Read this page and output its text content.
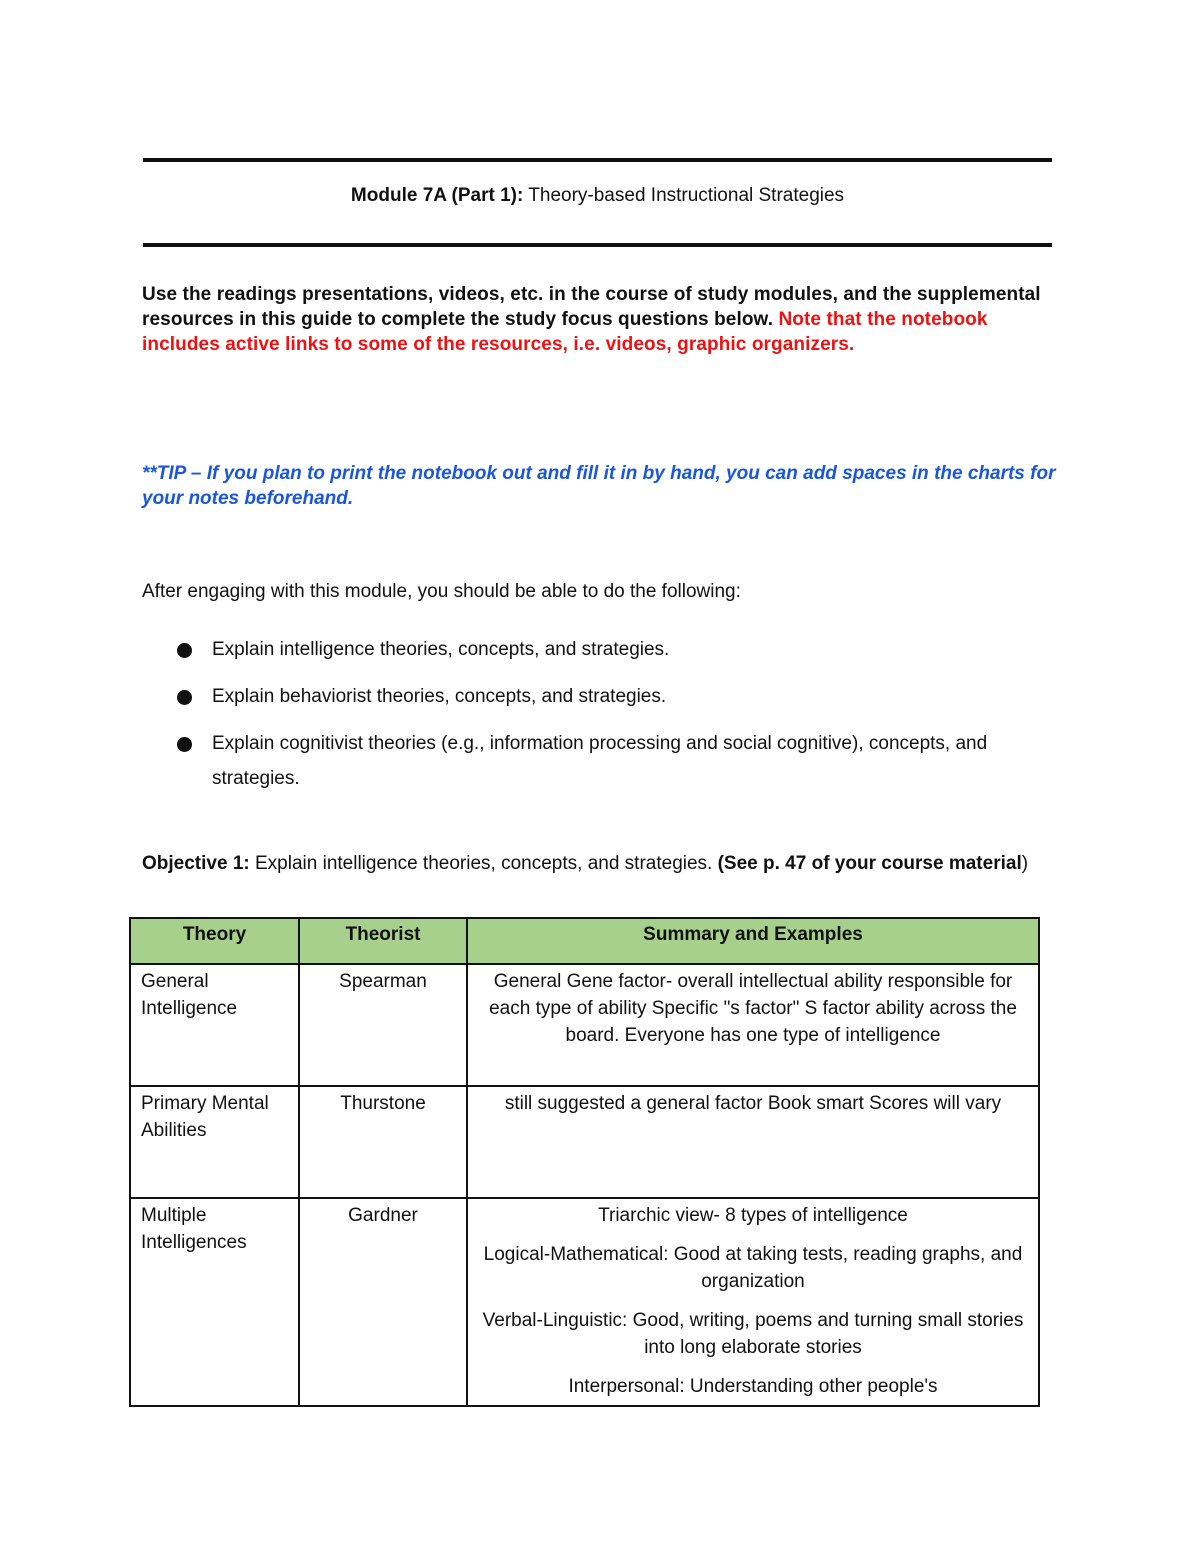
Module 7A (Part 1): Theory-based Instructional Strategies
Use the readings presentations, videos, etc. in the course of study modules, and the supplemental resources in this guide to complete the study focus questions below. Note that the notebook includes active links to some of the resources, i.e. videos, graphic organizers.
**TIP – If you plan to print the notebook out and fill it in by hand, you can add spaces in the charts for your notes beforehand.
After engaging with this module, you should be able to do the following:
Explain intelligence theories, concepts, and strategies.
Explain behaviorist theories, concepts, and strategies.
Explain cognitivist theories (e.g., information processing and social cognitive), concepts, and strategies.
Objective 1: Explain intelligence theories, concepts, and strategies. (See p. 47 of your course material)
Theory	Theorist	Summary and Examples
General Intelligence	Spearman	General Gene factor- overall intellectual ability responsible for each type of ability Specific "s factor" S factor ability across the board. Everyone has one type of intelligence

Primary Mental Abilities	Thurstone	still suggested a general factor Book smart Scores will vary

Multiple Intelligences	Gardner	Triarchic view- 8 types of intelligence

Logical-Mathematical: Good at taking tests, reading graphs, and organization

Verbal-Linguistic: Good, writing, poems and turning small stories into long elaborate stories

Interpersonal: Understanding other people's
